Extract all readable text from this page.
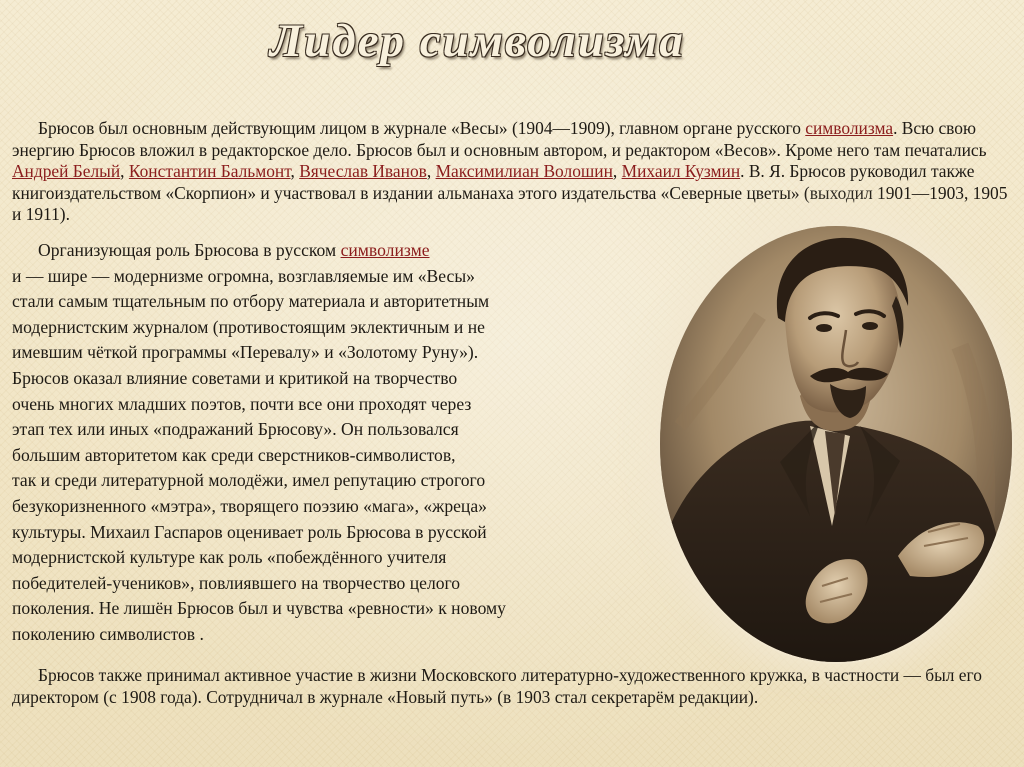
Лидер символизма

Брюсов был основным действующим лицом в журнале «Весы» (1904—1909), главном органе русского символизма. Всю свою энергию Брюсов вложил в редакторское дело. Брюсов был и основным автором, и редактором «Весов». Кроме него там печатались Андрей Белый, Константин Бальмонт, Вячеслав Иванов, Максимилиан Волошин, Михаил Кузмин. В. Я. Брюсов руководил также книгоиздательством «Скорпион» и участвовал в издании альманаха этого издательства «Северные цветы» (выходил 1901—1903, 1905 и 1911).

Организующая роль Брюсова в русском символизме
и — шире — модернизме огромна, возглавляемые им «Весы»
стали самым тщательным по отбору материала и авторитетным
модернистским журналом (противостоящим эклектичным и не
имевшим чёткой программы «Перевалу» и «Золотому Руну»).
Брюсов оказал влияние советами и критикой на творчество
очень многих младших поэтов, почти все они проходят через
этап тех или иных «подражаний Брюсову». Он пользовался
большим авторитетом как среди сверстников-символистов,
так и среди литературной молодёжи, имел репутацию строгого
безукоризненного «мэтра», творящего поэзию «мага», «жреца»
культуры. Михаил Гаспаров оценивает роль Брюсова в русской
модернистской культуре как роль «побеждённого учителя
победителей-учеников», повлиявшего на творчество целого
поколения. Не лишён Брюсов был и чувства «ревности» к новому
поколению символистов .

Брюсов также принимал активное участие в жизни Московского литературно-художественного кружка, в частности — был его директором (с 1908 года). Сотрудничал в журнале «Новый путь» (в 1903 стал секретарём редакции).
